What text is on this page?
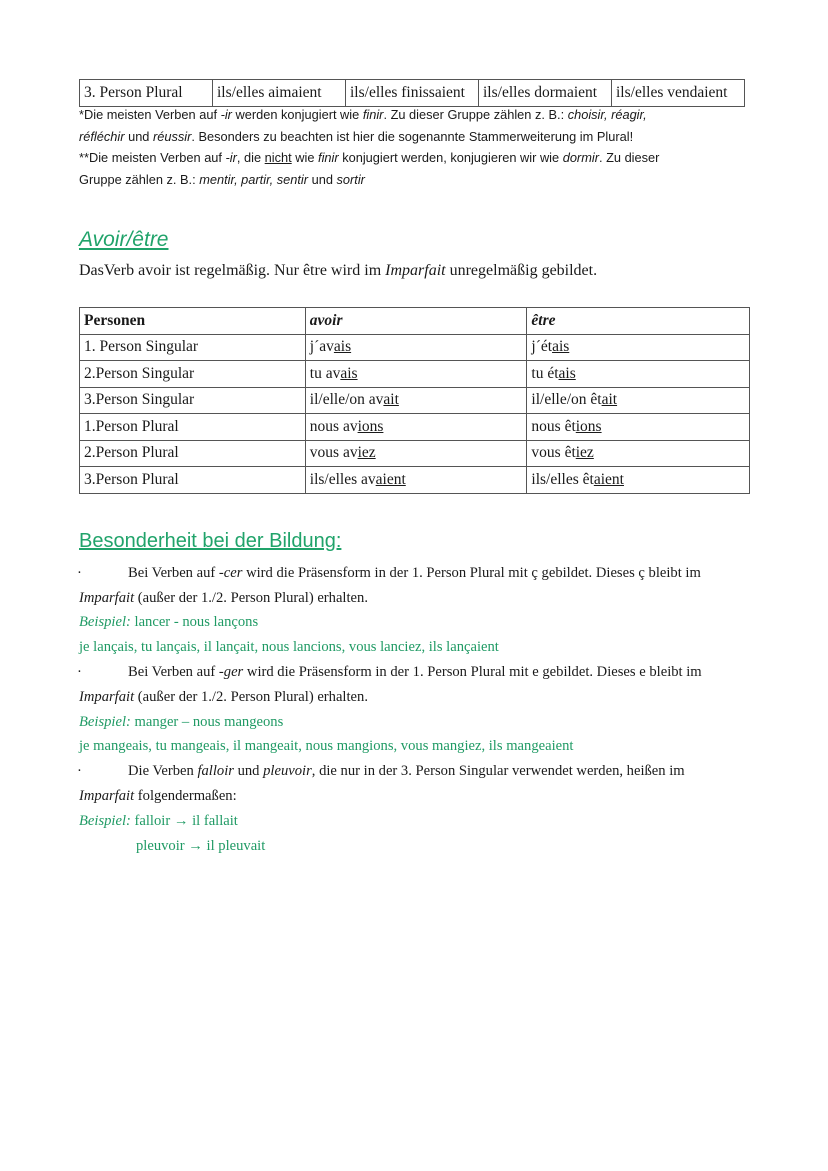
3. Person Plural	ils/elles aimaient	ils/elles finissaient	ils/elles dormaient	ils/elles vendaient
*Die meisten Verben auf -ir werden konjugiert wie finir. Zu dieser Gruppe zählen z. B.: choisir, réagir,
réfléchir und réussir. Besonders zu beachten ist hier die sogenannte Stammerweiterung im Plural!
**Die meisten Verben auf -ir, die nicht wie finir konjugiert werden, konjugieren wir wie dormir. Zu dieser
Gruppe zählen z. B.: mentir, partir, sentir und sortir
Avoir/être
DasVerb avoir ist regelmäßig. Nur être wird im Imparfait unregelmäßig gebildet.
Personen	avoir	être
1. Person Singular	j´avais	j´étais
2.Person Singular	tu avais	tu étais
3.Person Singular	il/elle/on avait	il/elle/on êtait
1.Person Plural	nous avions	nous êtions
2.Person Plural	vous aviez	vous êtiez
3.Person Plural	ils/elles avaient	ils/elles êtaient
Besonderheit bei der Bildung:
·	Bei Verben auf -cer wird die Präsensform in der 1. Person Plural mit ç gebildet. Dieses ç bleibt im
Imparfait (außer der 1./2. Person Plural) erhalten.
Beispiel: lancer - nous lançons
je lançais, tu lançais, il lançait, nous lancions, vous lanciez, ils lançaient
·	Bei Verben auf -ger wird die Präsensform in der 1. Person Plural mit e gebildet. Dieses e bleibt im
Imparfait (außer der 1./2. Person Plural) erhalten.
Beispiel: manger – nous mangeons
je mangeais, tu mangeais, il mangeait, nous mangions, vous mangiez, ils mangeaient
·	Die Verben falloir und pleuvoir, die nur in der 3. Person Singular verwendet werden, heißen im
Imparfait folgendermaßen:
Beispiel: falloir → il fallait
pleuvoir → il pleuvait
